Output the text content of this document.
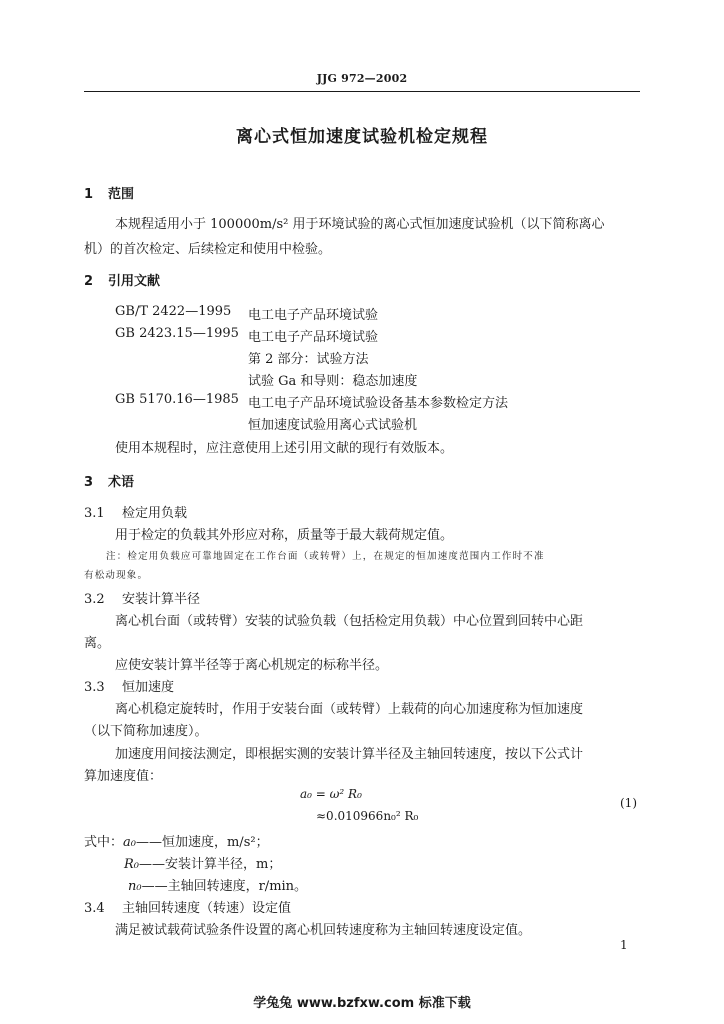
JJG 972—2002
离心式恒加速度试验机检定规程
1 范围
本规程适用小于 100000m/s² 用于环境试验的离心式恒加速度试验机（以下简称离心
机）的首次检定、后续检定和使用中检验。
2 引用文献
GB/T 2422—1995 电工电子产品环境试验
GB 2423.15—1995 电工电子产品环境试验
第 2 部分：试验方法
试验 Ga 和导则：稳态加速度
GB 5170.16—1985 电工电子产品环境试验设备基本参数检定方法
恒加速度试验用离心式试验机
使用本规程时，应注意使用上述引用文献的现行有效版本。
3 术语
3.1 检定用负载
用于检定的负载其外形应对称，质量等于最大载荷规定值。
注：检定用负载应可靠地固定在工作台面（或转臂）上，在规定的恒加速度范围内工作时不准
有松动现象。
3.2 安装计算半径
离心机台面（或转臂）安装的试验负载（包括检定用负载）中心位置到回转中心距
离。
应使安装计算半径等于离心机规定的标称半径。
3.3 恒加速度
离心机稳定旋转时，作用于安装台面（或转臂）上载荷的向心加速度称为恒加速度
（以下简称加速度）。
加速度用间接法测定，即根据实测的安装计算半径及主轴回转速度，按以下公式计
算加速度值：
a₀ = ω² R₀
≈0.010966n₀² R₀
(1)
式中：a₀——恒加速度，m/s²；
R₀——安装计算半径，m；
n₀——主轴回转速度，r/min。
3.4 主轴回转速度（转速）设定值
满足被试载荷试验条件设置的离心机回转速度称为主轴回转速度设定值。
1
学兔兔 www.bzfxw.com 标准下载
